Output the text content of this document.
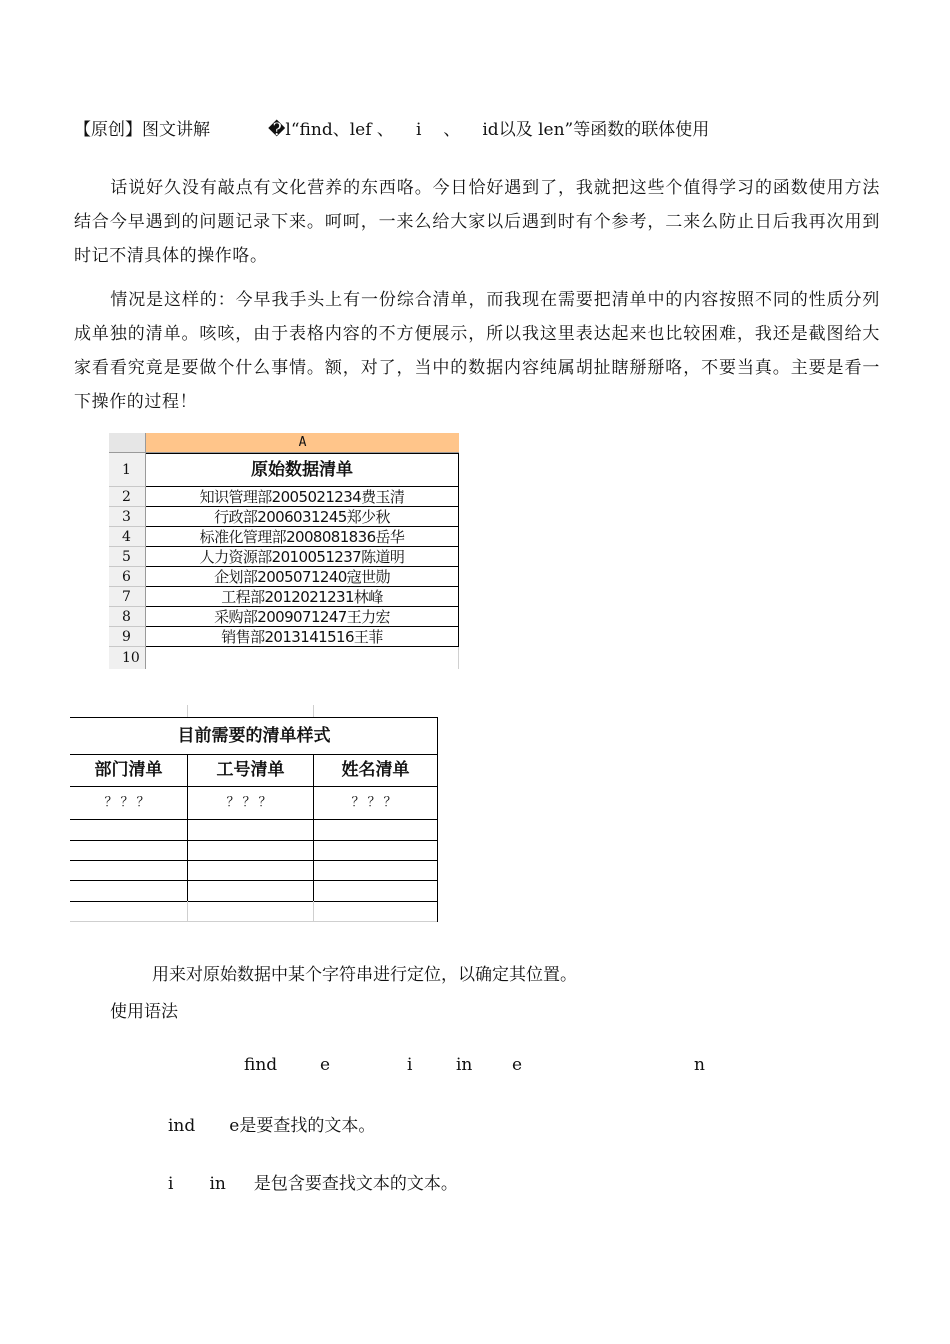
【原创】图文讲解	�l“find、lef 、 i 、 id以及 len”等函数的联体使用
话说好久没有敲点有文化营养的东西咯。今日恰好遇到了，我就把这些个值得学习的函数使用方法结合今早遇到的问题记录下来。呵呵，一来么给大家以后遇到时有个参考，二来么防止日后我再次用到时记不清具体的操作咯。
情况是这样的：今早我手头上有一份综合清单，而我现在需要把清单中的内容按照不同的性质分列成单独的清单。咳咳，由于表格内容的不方便展示，所以我这里表达起来也比较困难，我还是截图给大家看看究竟是要做个什么事情。额，对了，当中的数据内容纯属胡扯瞎掰掰咯，不要当真。主要是看一下操作的过程！
A
1	原始数据清单
2	知识管理部2005021234费玉清
3	行政部2006031245郑少秋
4	标准化管理部2008081836岳华
5	人力资源部2010051237陈道明
6	企划部2005071240寇世勋
7	工程部2012021231林峰
8	采购部2009071247王力宏
9	销售部2013141516王菲
10
目前需要的清单样式
部门清单	工号清单	姓名清单
？？？	？？？	？？？
用来对原始数据中某个字符串进行定位，以确定其位置。
使用语法
find	e	i	in e	n
ind e是要查找的文本。
i in 是包含要查找文本的文本。
